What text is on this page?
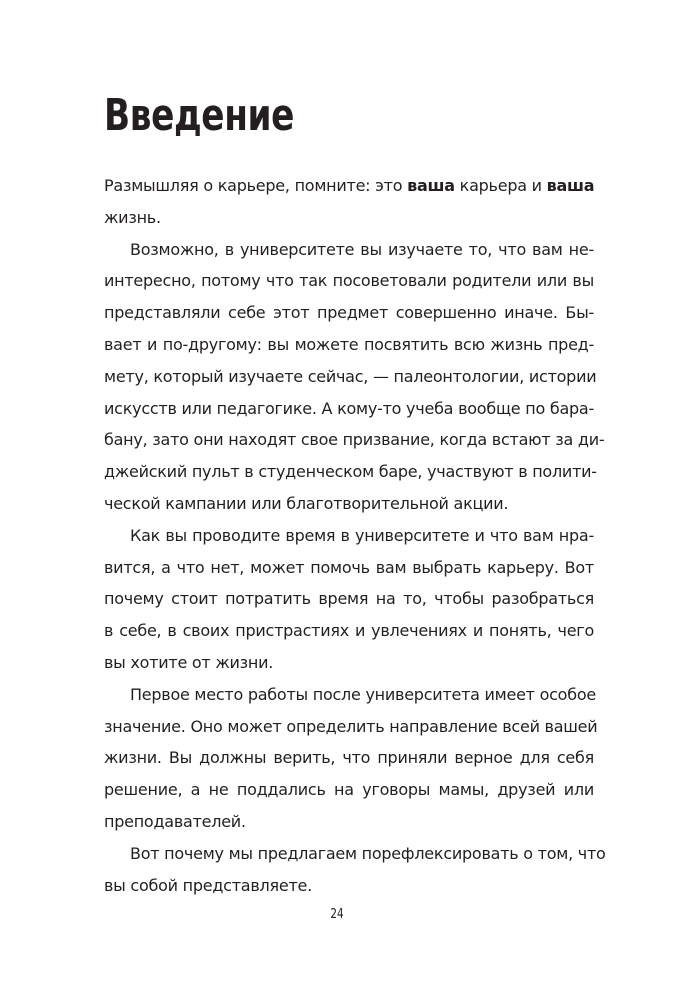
Введение
Размышляя о карьере, помните: это ваша карьера и ваша
жизнь.
Возможно, в университете вы изучаете то, что вам не-
интересно, потому что так посоветовали родители или вы
представляли себе этот предмет совершенно иначе. Бы-
вает и по-другому: вы можете посвятить всю жизнь пред-
мету, который изучаете сейчас, — палеонтологии, истории
искусств или педагогике. А кому-то учеба вообще по бара-
бану, зато они находят свое призвание, когда встают за ди-
джейский пульт в студенческом баре, участвуют в полити-
ческой кампании или благотворительной акции.
Как вы проводите время в университете и что вам нра-
вится, а что нет, может помочь вам выбрать карьеру. Вот
почему стоит потратить время на то, чтобы разобраться
в себе, в своих пристрастиях и увлечениях и понять, чего
вы хотите от жизни.
Первое место работы после университета имеет особое
значение. Оно может определить направление всей вашей
жизни. Вы должны верить, что приняли верное для себя
решение, а не поддались на уговоры мамы, друзей или
преподавателей.
Вот почему мы предлагаем порефлексировать о том, что
вы собой представляете.
24
